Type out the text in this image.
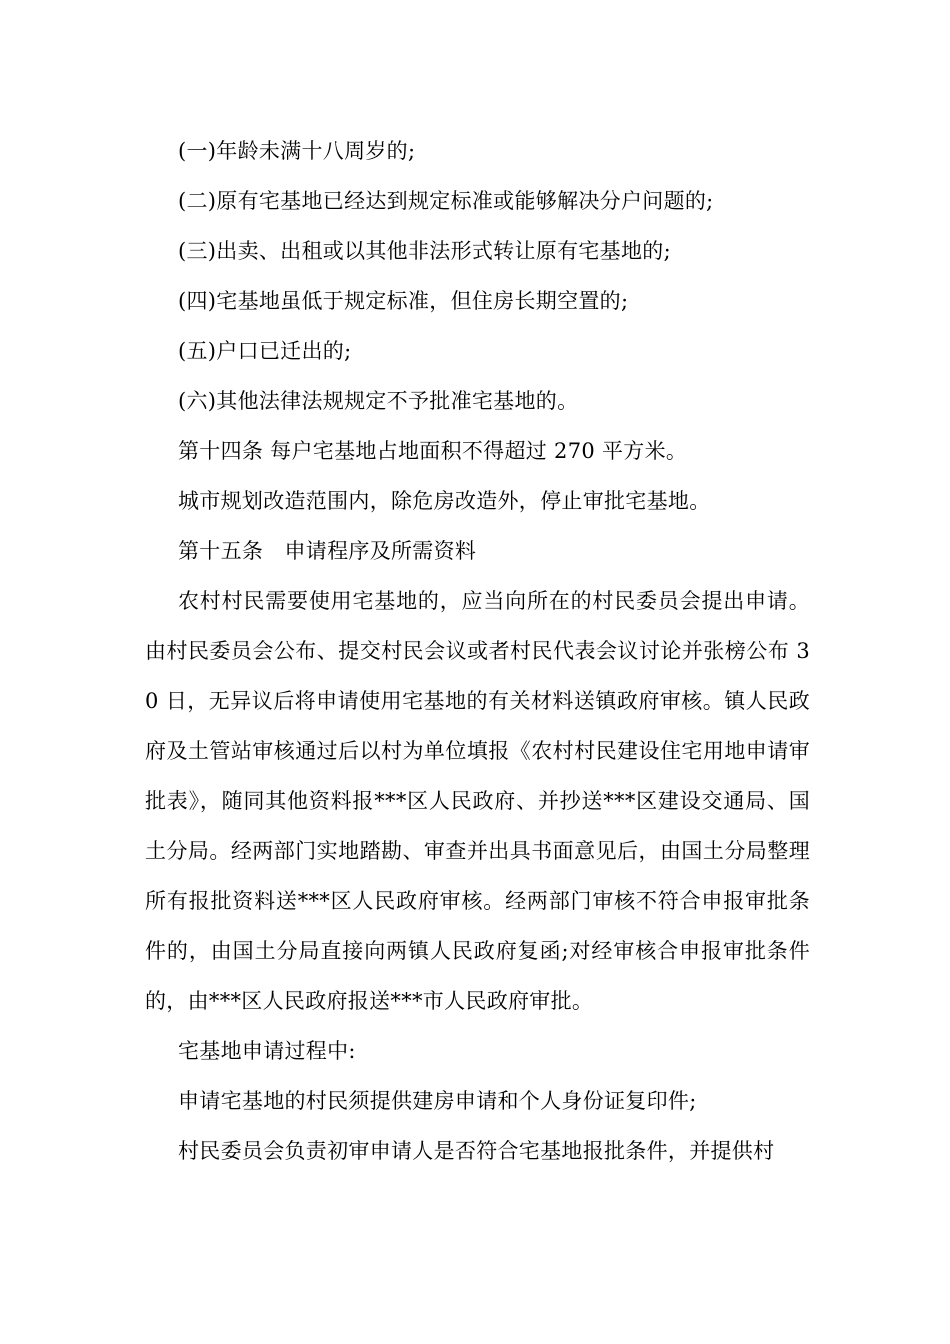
(一)年龄未满十八周岁的;

(二)原有宅基地已经达到规定标准或能够解决分户问题的;

(三)出卖、出租或以其他非法形式转让原有宅基地的;

(四)宅基地虽低于规定标准，但住房长期空置的;

(五)户口已迁出的;

(六)其他法律法规规定不予批准宅基地的。

第十四条 每户宅基地占地面积不得超过 270 平方米。

城市规划改造范围内，除危房改造外，停止审批宅基地。

第十五条　申请程序及所需资料

农村村民需要使用宅基地的，应当向所在的村民委员会提出申请。由村民委员会公布、提交村民会议或者村民代表会议讨论并张榜公布 30 日，无异议后将申请使用宅基地的有关材料送镇政府审核。镇人民政府及土管站审核通过后以村为单位填报《农村村民建设住宅用地申请审批表》，随同其他资料报***区人民政府、并抄送***区建设交通局、国土分局。经两部门实地踏勘、审查并出具书面意见后，由国土分局整理所有报批资料送***区人民政府审核。经两部门审核不符合申报审批条件的，由国土分局直接向两镇人民政府复函;对经审核合申报审批条件的，由***区人民政府报送***市人民政府审批。

宅基地申请过程中:

申请宅基地的村民须提供建房申请和个人身份证复印件;

村民委员会负责初审申请人是否符合宅基地报批条件，并提供村
